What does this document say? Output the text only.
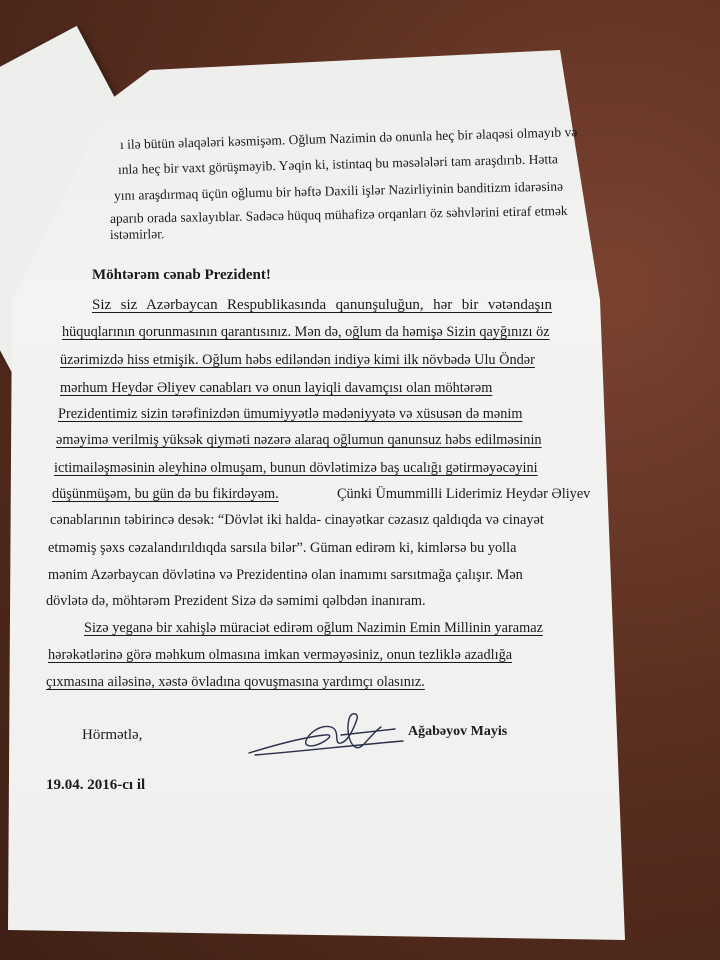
ı ilə bütün əlaqələri kəsmişəm. Oğlum Nazimin də onunla heç bir əlaqəsi olmayıb və
ınla heç bir vaxt görüşməyib. Yəqin ki, istintaq bu məsələləri tam araşdırıb. Hətta
yını araşdırmaq üçün oğlumu bir həftə Daxili işlər Nazirliyinin banditizm idarəsinə
aparıb orada saxlayıblar. Sadəcə hüquq mühafizə orqanları öz səhvlərini etiraf etmək
istəmirlər.
Möhtərəm cənab Prezident!
Siz siz Azərbaycan Respublikasında qanunşuluğun, hər bir vətəndaşın
hüquqlarının qorunmasının qarantısınız. Mən də, oğlum da həmişə Sizin qayğınızı öz
üzərimizdə hiss etmişik. Oğlum həbs ediləndən indiyə kimi ilk növbədə Ulu Öndər
mərhum Heydər Əliyev cənabları və onun layiqli davamçısı olan möhtərəm
Prezidentimiz sizin tərəfinizdən ümumiyyətlə mədəniyyətə və xüsusən də mənim
əməyimə verilmiş yüksək qiyməti nəzərə alaraq oğlumun qanunsuz həbs edilməsinin
ictimailəşməsinin əleyhinə olmuşam, bunun dövlətimizə baş ucalığı gətirməyəcəyini
düşünmüşəm, bu gün də bu fikirdəyəm.	Çünki Ümummilli Liderimiz Heydər Əliyev
cənablarının təbirincə desək: “Dövlət iki halda- cinayətkar cəzasız qaldıqda və cinayət
etməmiş şəxs cəzalandırıldıqda sarsıla bilər”. Güman edirəm ki, kimlərsə bu yolla
mənim Azərbaycan dövlətinə və Prezidentinə olan inamımı sarsıtmağa çalışır. Mən
dövlətə də, möhtərəm Prezident Sizə də səmimi qəlbdən inanıram.
Sizə yeganə bir xahişlə müraciət edirəm oğlum Nazimin Emin Millinin yaramaz
hərəkətlərinə görə məhkum olmasına imkan verməyəsiniz, onun tezliklə azadlığa
çıxmasına ailəsinə, xəstə övladına qovuşmasına yardımçı olasınız.
Hörmətlə,	Ağabəyov Mayis
19.04. 2016-cı il
